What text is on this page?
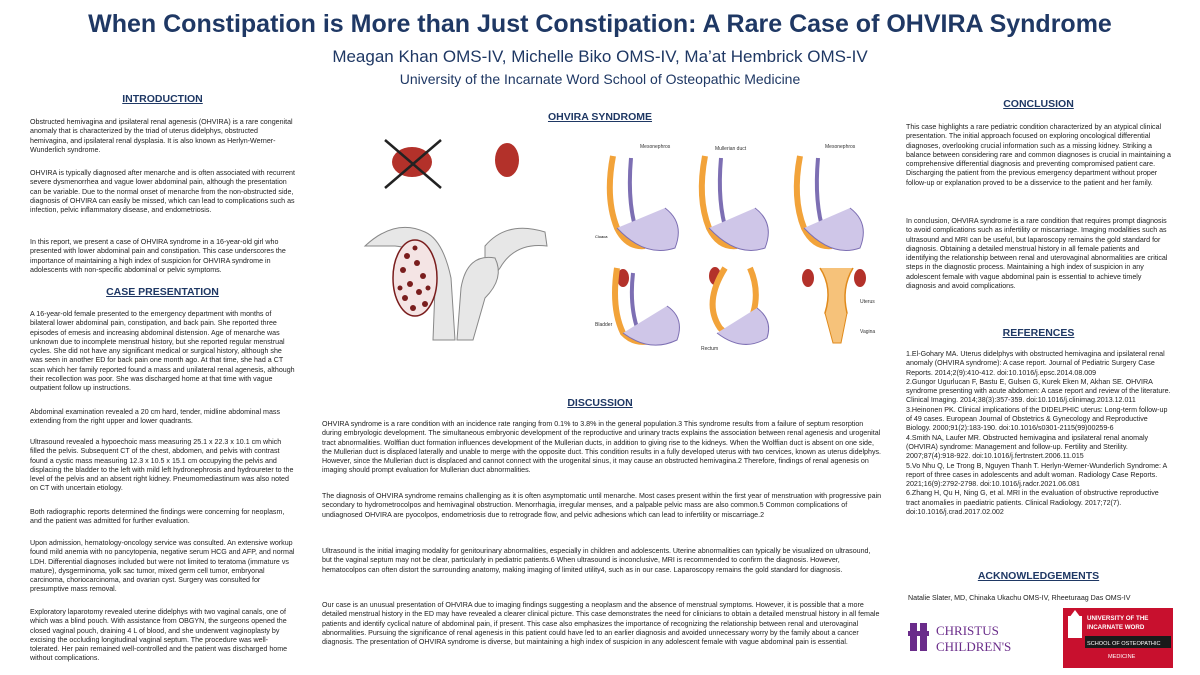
When Constipation is More than Just Constipation: A Rare Case of OHVIRA Syndrome
Meagan Khan OMS-IV, Michelle Biko OMS-IV, Ma’at Hembrick OMS-IV
University of the Incarnate Word School of Osteopathic Medicine
INTRODUCTION
Obstructed hemivagina and ipsilateral renal agenesis (OHVIRA) is a rare congenital anomaly that is characterized by the triad of uterus didelphys, obstructed hemivagina, and ipsilateral renal dysplasia. It is also known as Herlyn-Werner-Wunderlich syndrome.
OHVIRA is typically diagnosed after menarche and is often associated with recurrent severe dysmenorrhea and vague lower abdominal pain, although the presentation can be variable. Due to the normal onset of menarche from the non-obstructed side, diagnosis of OHVIRA can easily be missed, which can lead to complications such as infection, pelvic inflammatory disease, and endometriosis.
In this report, we present a case of OHVIRA syndrome in a 16-year-old girl who presented with lower abdominal pain and constipation. This case underscores the importance of maintaining a high index of suspicion for OHVIRA syndrome in adolescents with non-specific abdominal or pelvic symptoms.
CASE PRESENTATION
A 16-year-old female presented to the emergency department with months of bilateral lower abdominal pain, constipation, and back pain. She reported three episodes of emesis and increasing abdominal distension. Age of menarche was unknown due to incomplete menstrual history, but she reported regular menstrual cycles. She did not have any significant medical or surgical history, although she was seen in another ED for back pain one month ago. At that time, she had a CT scan which her family reported found a mass and unilateral renal agenesis, although their recollection was poor. She was discharged home at that time with vague outpatient follow up instructions.
Abdominal examination revealed a 20 cm hard, tender, midline abdominal mass extending from the right upper and lower quadrants.
Ultrasound revealed a hypoechoic mass measuring 25.1 x 22.3 x 10.1 cm which filled the pelvis. Subsequent CT of the chest, abdomen, and pelvis with contrast found a cystic mass measuring 12.3 x 10.5 x 15.1 cm occupying the pelvis and displacing the bladder to the left with mild left hydronephrosis and hydroureter to the level of the pelvis and an absent right kidney. Pneumomediastinum was also noted on CT with uncertain etiology.
Both radiographic reports determined the findings were concerning for neoplasm, and the patient was admitted for further evaluation.
Upon admission, hematology-oncology service was consulted. An extensive workup found mild anemia with no pancytopenia, negative serum HCG and AFP, and normal LDH. Differential diagnoses included but were not limited to teratoma (immature vs mature), dysgerminoma, yolk sac tumor, mixed germ cell tumor, embryonal carcinoma, choriocarcinoma, and ovarian cyst. Surgery was consulted for presumptive mass removal.
Exploratory laparotomy revealed uterine didelphys with two vaginal canals, one of which was a blind pouch. With assistance from OBGYN, the surgeons opened the closed vaginal pouch, draining 4 L of blood, and she underwent vaginoplasty by excising the occluding longitudinal vaginal septum. The procedure was well-tolerated. Her pain remained well-controlled and the patient was discharged home without complications.
OHVIRA SYNDROME
Cloaca
Mesonephros	Mullerian duct	Mesonephros
Bladder
Rectum
Uterus
Vagina
DISCUSSION
OHVIRA syndrome is a rare condition with an incidence rate ranging from 0.1% to 3.8% in the general population.3 This syndrome results from a failure of septum resorption during embryologic development. The simultaneous embryonic development of the reproductive and urinary tracts explains the association between renal agenesis and urogenital tract abnormalities. Wolffian duct formation influences development of the Mullerian ducts, in addition to giving rise to the kidneys. When the Wolffian duct is absent on one side, the Mullerian duct is displaced laterally and unable to merge with the opposite duct. This condition results in a fully developed uterus with two cervices, known as uterus didelphys. However, since the Mullerian duct is displaced and cannot connect with the urogenital sinus, it may cause an obstructed hemivagina.2 Therefore, findings of renal agenesis on imaging should prompt evaluation for Mullerian duct abnormalities.
The diagnosis of OHVIRA syndrome remains challenging as it is often asymptomatic until menarche. Most cases present within the first year of menstruation with progressive pain secondary to hydrometrocolpos and hemivaginal obstruction. Menorrhagia, irregular menses, and a palpable pelvic mass are also common.5 Common complications of undiagnosed OHVIRA are pyocolpos, endometriosis due to retrograde flow, and pelvic adhesions which can lead to infertility or miscarriage.2
Ultrasound is the initial imaging modality for genitourinary abnormalities, especially in children and adolescents. Uterine abnormalities can typically be visualized on ultrasound, but the vaginal septum may not be clear, particularly in pediatric patients.6 When ultrasound is inconclusive, MRI is recommended to confirm the diagnosis. However, hematocolpos can often distort the surrounding anatomy, making imaging of limited utility4, such as in our case. Laparoscopy remains the gold standard for diagnosis.
Our case is an unusual presentation of OHVIRA due to imaging findings suggesting a neoplasm and the absence of menstrual symptoms. However, it is possible that a more detailed menstrual history in the ED may have revealed a clearer clinical picture. This case demonstrates the need for clinicians to obtain a detailed menstrual history in all female patients and identify cyclical nature of abdominal pain, if present. This case also emphasizes the importance of recognizing the relationship between renal and uterovaginal abnormalities. Pursuing the significance of renal agenesis in this patient could have led to an earlier diagnosis and avoided unnecessary worry by the family about a cancer diagnosis. The presentation of OHVIRA syndrome is diverse, but maintaining a high index of suspicion in any adolescent female with vague abdominal pain is essential.
CONCLUSION
This case highlights a rare pediatric condition characterized by an atypical clinical presentation. The initial approach focused on exploring oncological differential diagnoses, overlooking crucial information such as a missing kidney. Striking a balance between considering rare and common diagnoses is crucial in maintaining a comprehensive differential diagnosis and preventing compromised patient care. Discharging the patient from the previous emergency department without proper follow-up or explanation proved to be a disservice to the patient and her family.
In conclusion, OHVIRA syndrome is a rare condition that requires prompt diagnosis to avoid complications such as infertility or miscarriage. Imaging modalities such as ultrasound and MRI can be useful, but laparoscopy remains the gold standard for diagnosis. Obtaining a detailed menstrual history in all female patients and identifying the relationship between renal and uterovaginal abnormalities are critical steps in the diagnostic process. Maintaining a high index of suspicion in any adolescent female with vague abdominal pain is essential to achieve timely diagnosis and avoid complications.
REFERENCES
1.El-Gohary MA. Uterus didelphys with obstructed hemivagina and ipsilateral renal anomaly (OHVIRA syndrome): A case report. Journal of Pediatric Surgery Case Reports. 2014;2(9):410-412. doi:10.1016/j.epsc.2014.08.009
2.Gungor Ugurlucan F, Bastu E, Gulsen G, Kurek Eken M, Akhan SE. OHVIRA syndrome presenting with acute abdomen: A case report and review of the literature. Clinical Imaging. 2014;38(3):357-359. doi:10.1016/j.clinimag.2013.12.011
3.Heinonen PK. Clinical implications of the DIDELPHIC uterus: Long-term follow-up of 49 cases. European Journal of Obstetrics & Gynecology and Reproductive Biology. 2000;91(2):183-190. doi:10.1016/s0301-2115(99)00259-6
4.Smith NA, Laufer MR. Obstructed hemivagina and ipsilateral renal anomaly (OHVIRA) syndrome: Management and follow-up. Fertility and Sterility. 2007;87(4):918-922. doi:10.1016/j.fertnstert.2006.11.015
5.Vo Nhu Q, Le Trong B, Nguyen Thanh T. Herlyn-Werner-Wunderlich Syndrome: A report of three cases in adolescents and adult woman. Radiology Case Reports. 2021;16(9):2792-2798. doi:10.1016/j.radcr.2021.06.081
6.Zhang H, Qu H, Ning G, et al. MRI in the evaluation of obstructive reproductive tract anomalies in paediatric patients. Clinical Radiology. 2017;72(7). doi:10.1016/j.crad.2017.02.002
ACKNOWLEDGEMENTS
Natalie Slater, MD, Chinaka Ukachu OMS-IV, Rheeturaag Das OMS-IV
CHRISTUS
CHILDREN'S
UNIVERSITY OF THE
INCARNATE WORD
SCHOOL OF OSTEOPATHIC
MEDICINE
